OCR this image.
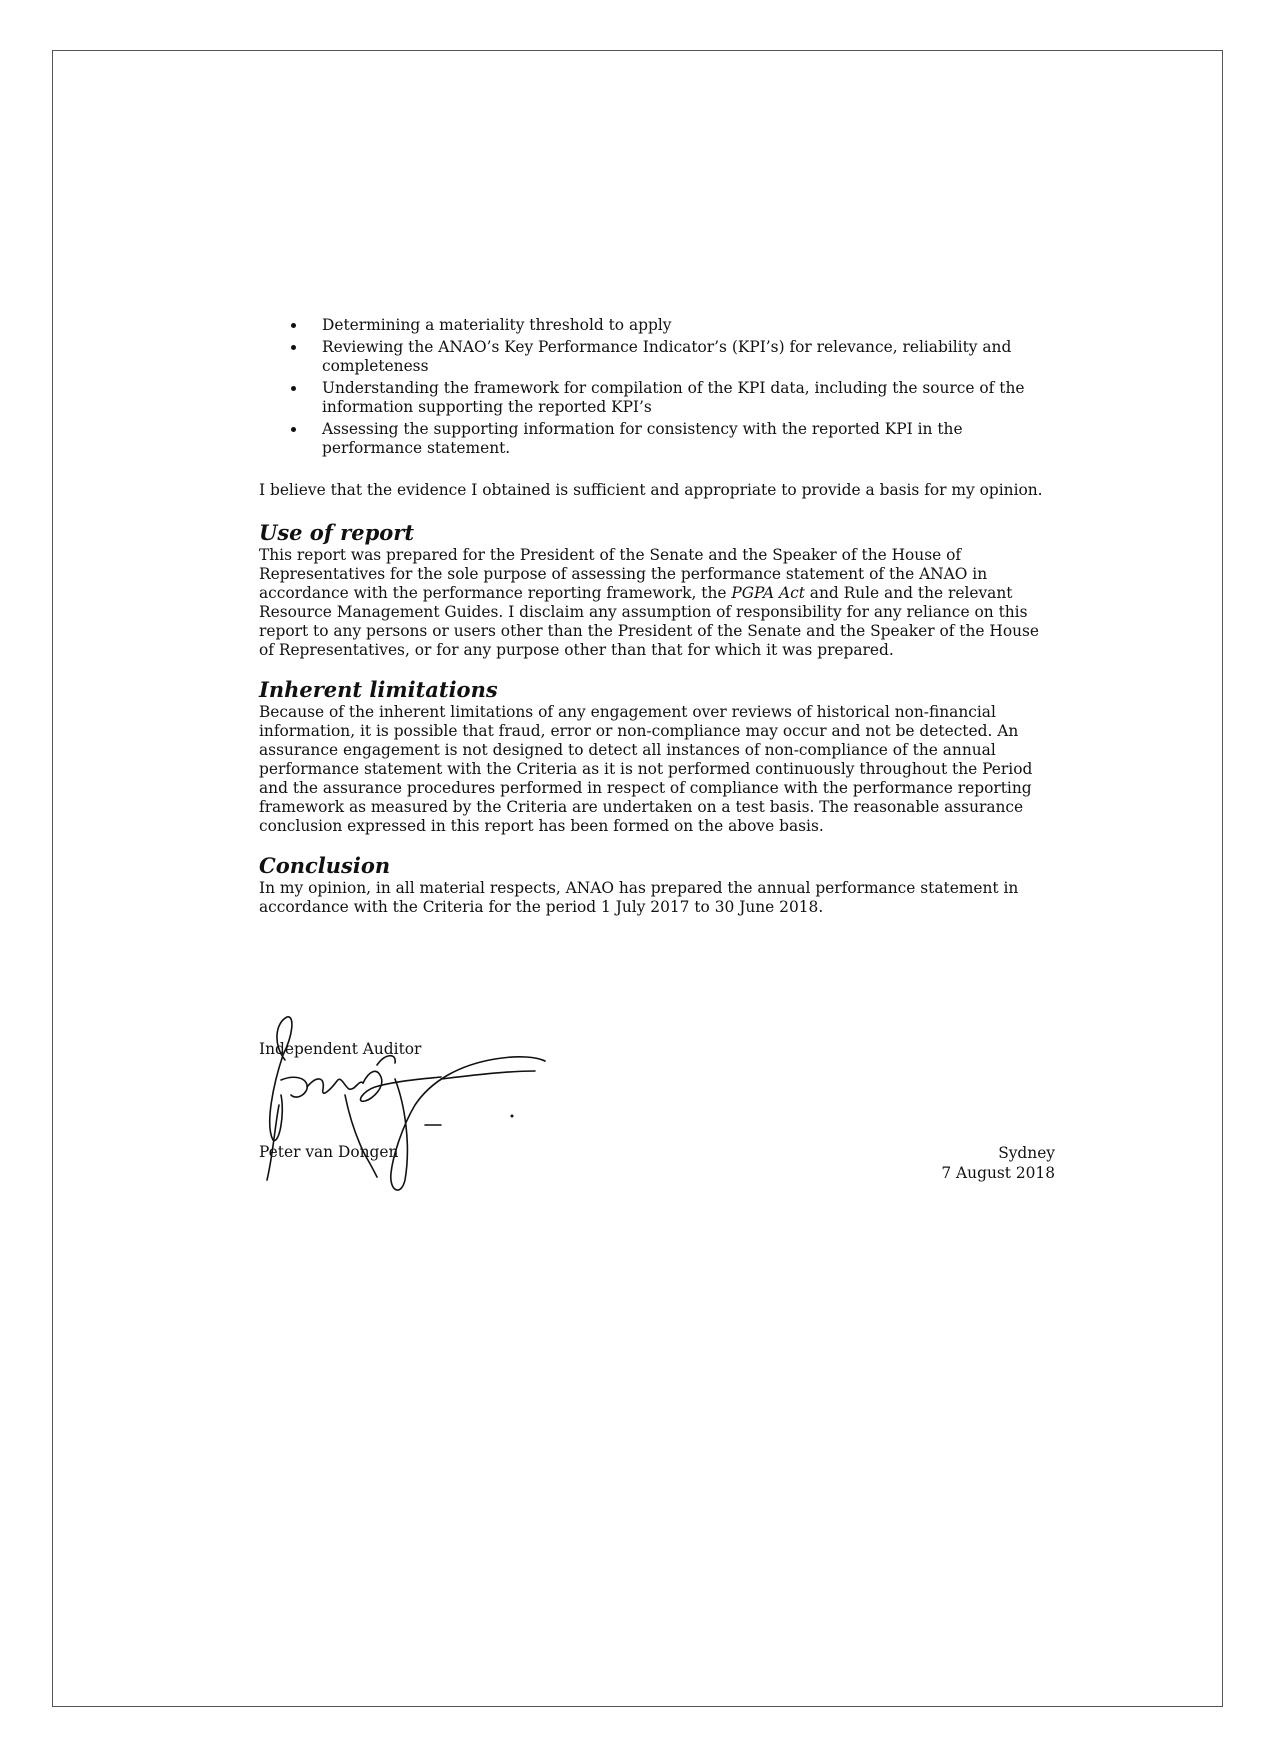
Determining a materiality threshold to apply
Reviewing the ANAO’s Key Performance Indicator’s (KPI’s) for relevance, reliability and completeness
Understanding the framework for compilation of the KPI data, including the source of the information supporting the reported KPI’s
Assessing the supporting information for consistency with the reported KPI in the performance statement.

I believe that the evidence I obtained is sufficient and appropriate to provide a basis for my opinion.

Use of report

This report was prepared for the President of the Senate and the Speaker of the House of Representatives for the sole purpose of assessing the performance statement of the ANAO in accordance with the performance reporting framework, the PGPA Act and Rule and the relevant Resource Management Guides. I disclaim any assumption of responsibility for any reliance on this report to any persons or users other than the President of the Senate and the Speaker of the House of Representatives, or for any purpose other than that for which it was prepared.

Inherent limitations

Because of the inherent limitations of any engagement over reviews of historical non-financial information, it is possible that fraud, error or non-compliance may occur and not be detected. An assurance engagement is not designed to detect all instances of non-compliance of the annual performance statement with the Criteria as it is not performed continuously throughout the Period and the assurance procedures performed in respect of compliance with the performance reporting framework as measured by the Criteria are undertaken on a test basis. The reasonable assurance conclusion expressed in this report has been formed on the above basis.

Conclusion

In my opinion, in all material respects, ANAO has prepared the annual performance statement in accordance with the Criteria for the period 1 July 2017 to 30 June 2018.

Independent Auditor
Peter van Dongen	Sydney
7 August 2018
